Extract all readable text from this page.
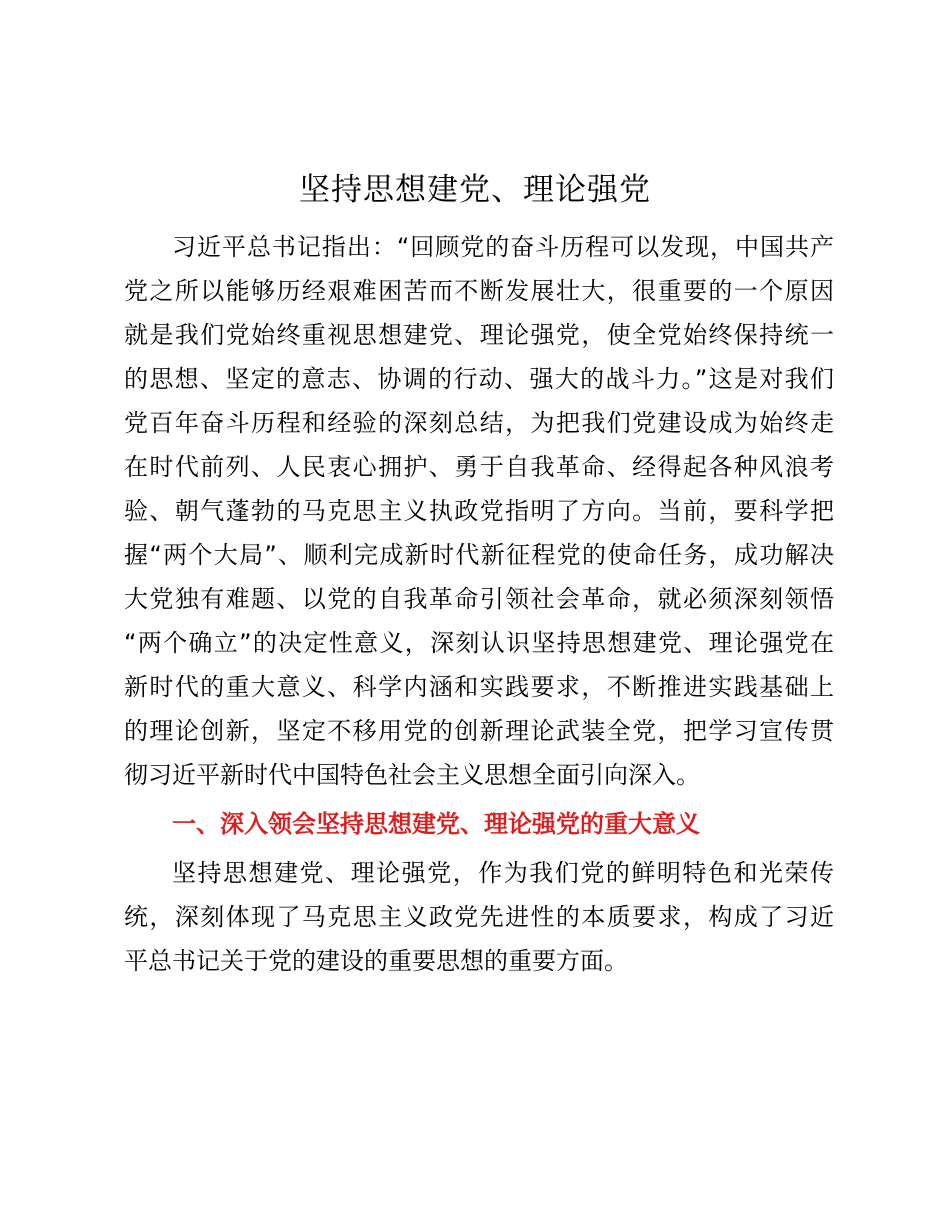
坚持思想建党、理论强党

习近平总书记指出：“回顾党的奋斗历程可以发现，中国共产

党之所以能够历经艰难困苦而不断发展壮大，很重要的一个原因

就是我们党始终重视思想建党、理论强党，使全党始终保持统一

的思想、坚定的意志、协调的行动、强大的战斗力。”这是对我们

党百年奋斗历程和经验的深刻总结，为把我们党建设成为始终走

在时代前列、人民衷心拥护、勇于自我革命、经得起各种风浪考

验、朝气蓬勃的马克思主义执政党指明了方向。当前，要科学把

握“两个大局”、顺利完成新时代新征程党的使命任务，成功解决

大党独有难题、以党的自我革命引领社会革命，就必须深刻领悟

“两个确立”的决定性意义，深刻认识坚持思想建党、理论强党在

新时代的重大意义、科学内涵和实践要求，不断推进实践基础上

的理论创新，坚定不移用党的创新理论武装全党，把学习宣传贯

彻习近平新时代中国特色社会主义思想全面引向深入。

一、深入领会坚持思想建党、理论强党的重大意义

坚持思想建党、理论强党，作为我们党的鲜明特色和光荣传

统，深刻体现了马克思主义政党先进性的本质要求，构成了习近

平总书记关于党的建设的重要思想的重要方面。
